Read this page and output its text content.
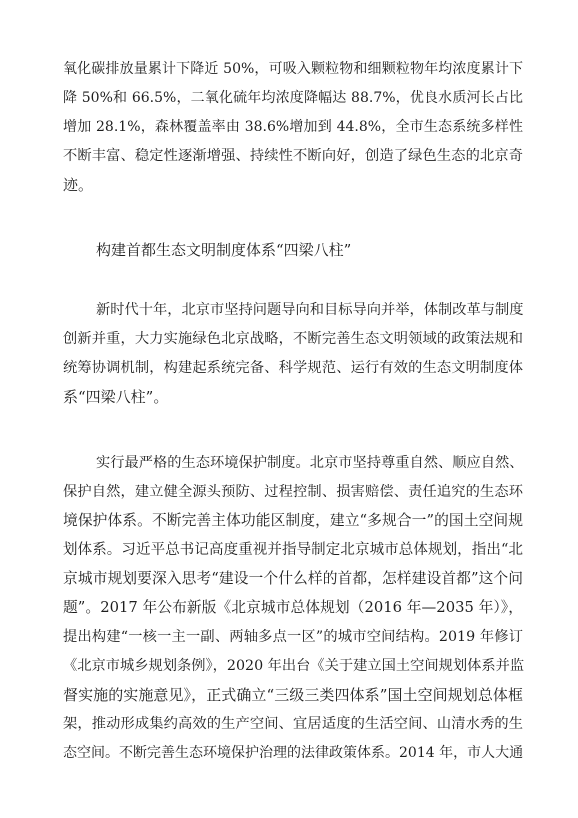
氧化碳排放量累计下降近 50%，可吸入颗粒物和细颗粒物年均浓度累计下
降 50%和 66.5%，二氧化硫年均浓度降幅达 88.7%，优良水质河长占比
增加 28.1%，森林覆盖率由 38.6%增加到 44.8%，全市生态系统多样性
不断丰富、稳定性逐渐增强、持续性不断向好，创造了绿色生态的北京奇
迹。
构建首都生态文明制度体系“四梁八柱”
新时代十年，北京市坚持问题导向和目标导向并举，体制改革与制度
创新并重，大力实施绿色北京战略，不断完善生态文明领域的政策法规和
统筹协调机制，构建起系统完备、科学规范、运行有效的生态文明制度体
系“四梁八柱”。
实行最严格的生态环境保护制度。北京市坚持尊重自然、顺应自然、
保护自然，建立健全源头预防、过程控制、损害赔偿、责任追究的生态环
境保护体系。不断完善主体功能区制度，建立“多规合一”的国土空间规
划体系。习近平总书记高度重视并指导制定北京城市总体规划，指出“北
京城市规划要深入思考“建设一个什么样的首都，怎样建设首都”这个问
题”。2017 年公布新版《北京城市总体规划（2016 年—2035 年）》，
提出构建“一核一主一副、两轴多点一区”的城市空间结构。2019 年修订
《北京市城乡规划条例》，2020 年出台《关于建立国土空间规划体系并监
督实施的实施意见》，正式确立“三级三类四体系”国土空间规划总体框
架，推动形成集约高效的生产空间、宜居适度的生活空间、山清水秀的生
态空间。不断完善生态环境保护治理的法律政策体系。2014 年，市人大通
